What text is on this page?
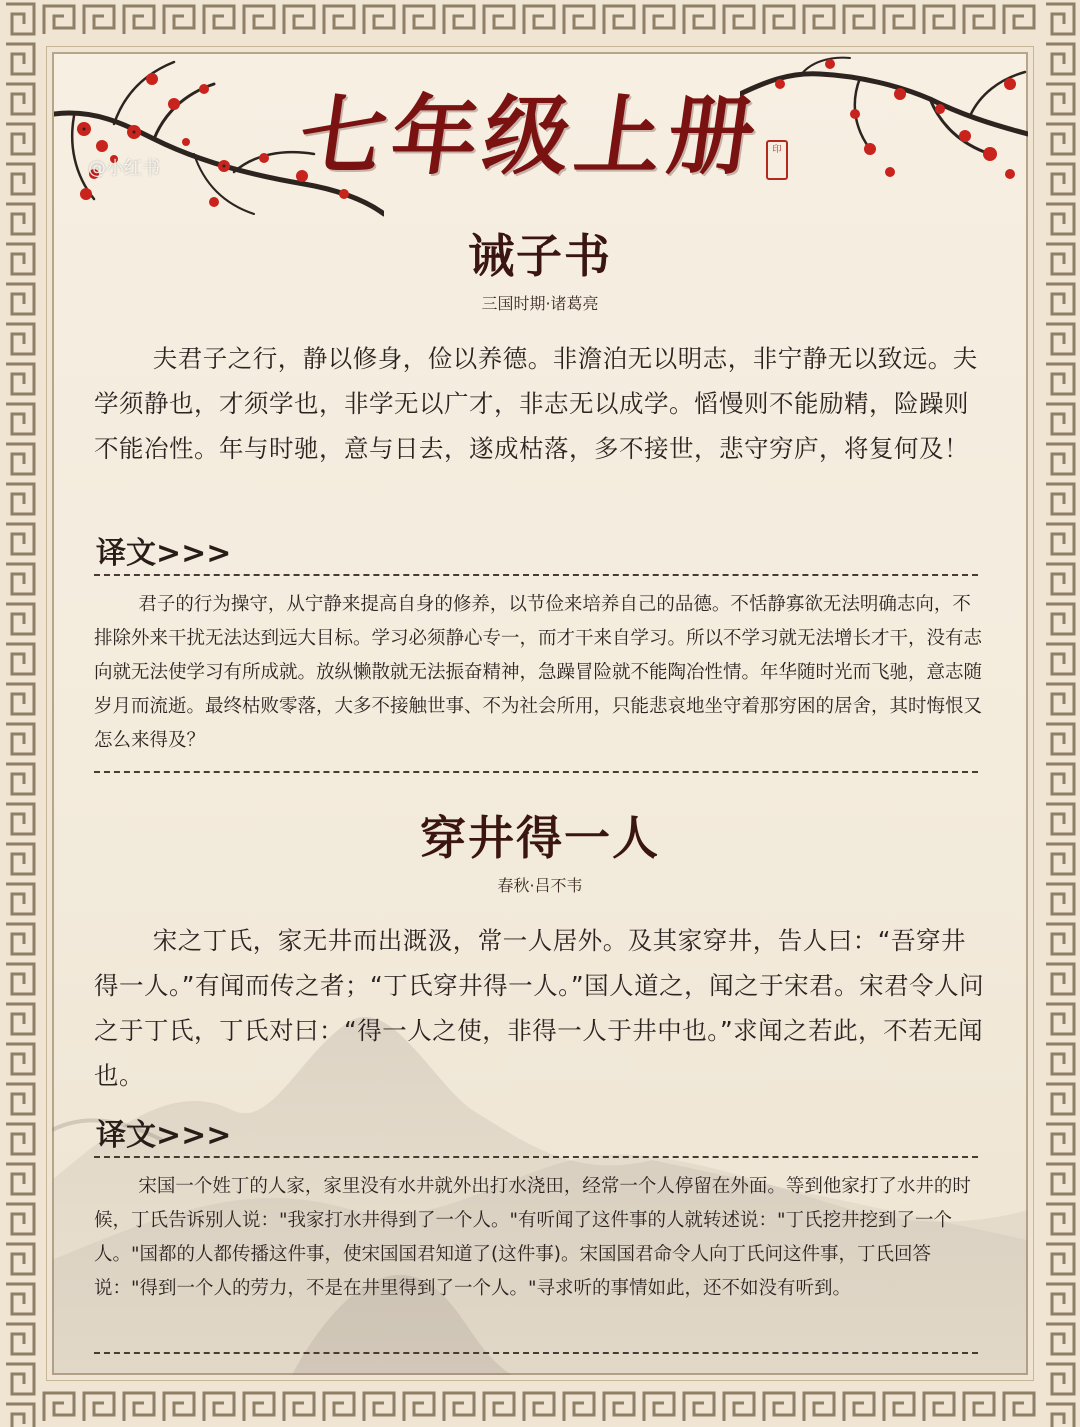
@小红书	七年级上册 印
诫子书
三国时期·诸葛亮
夫君子之行，静以修身，俭以养德。非澹泊无以明志，非宁静无以致远。夫学须静也，才须学也，非学无以广才，非志无以成学。慆慢则不能励精，险躁则不能冶性。年与时驰，意与日去，遂成枯落，多不接世，悲守穷庐，将复何及！
译文>>>
君子的行为操守，从宁静来提高自身的修养，以节俭来培养自己的品德。不恬静寡欲无法明确志向，不排除外来干扰无法达到远大目标。学习必须静心专一，而才干来自学习。所以不学习就无法增长才干，没有志向就无法使学习有所成就。放纵懒散就无法振奋精神，急躁冒险就不能陶冶性情。年华随时光而飞驰，意志随岁月而流逝。最终枯败零落，大多不接触世事、不为社会所用，只能悲哀地坐守着那穷困的居舍，其时悔恨又怎么来得及？
穿井得一人
春秋·吕不韦
宋之丁氏，家无井而出溉汲，常一人居外。及其家穿井，告人曰：“吾穿井得一人。”有闻而传之者；“丁氏穿井得一人。”国人道之，闻之于宋君。宋君令人问之于丁氏，丁氏对曰：“得一人之使，非得一人于井中也。”求闻之若此，不若无闻也。
译文>>>
宋国一个姓丁的人家，家里没有水井就外出打水浇田，经常一个人停留在外面。等到他家打了水井的时候，丁氏告诉别人说："我家打水井得到了一个人。"有听闻了这件事的人就转述说："丁氏挖井挖到了一个人。"国都的人都传播这件事，使宋国国君知道了(这件事)。宋国国君命令人向丁氏问这件事，丁氏回答说："得到一个人的劳力，不是在井里得到了一个人。"寻求听的事情如此，还不如没有听到。
